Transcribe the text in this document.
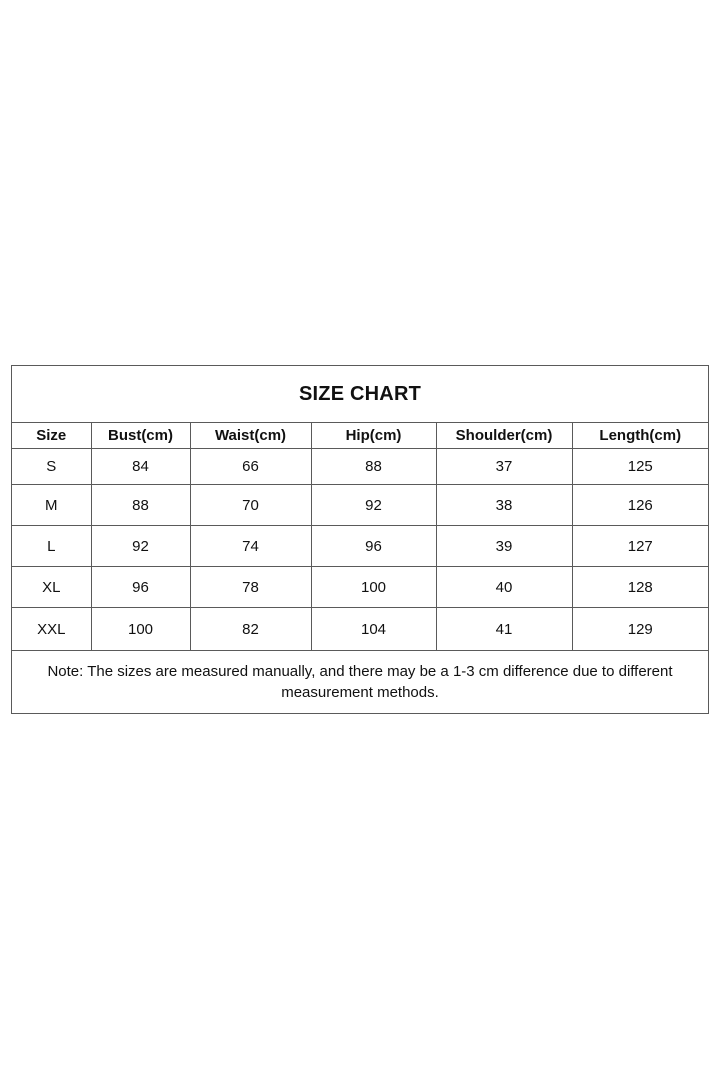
SIZE CHART
Size	Bust(cm)	Waist(cm)	Hip(cm)	Shoulder(cm)	Length(cm)
S	84	66	88	37	125
M	88	70	92	38	126
L	92	74	96	39	127
XL	96	78	100	40	128
XXL	100	82	104	41	129
Note: The sizes are measured manually, and there may be a 1-3 cm difference due to different measurement methods.
